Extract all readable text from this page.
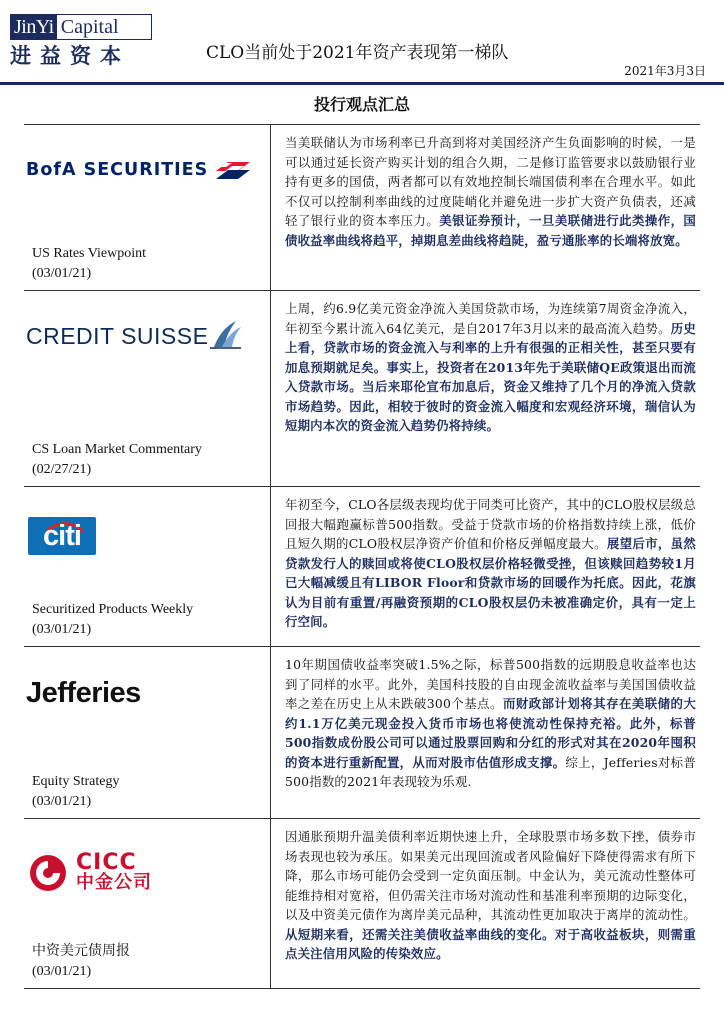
JinYi Capital
进益资本	CLO当前处于2021年资产表现第一梯队
2021年3月3日
投行观点汇总
BofA SECURITIES
US Rates Viewpoint
(03/01/21)
当美联储认为市场利率已升高到将对美国经济产生负面影响的时候，一是可以通过延长资产购买计划的组合久期，二是修订监管要求以鼓励银行业持有更多的国债，两者都可以有效地控制长端国债利率在合理水平。如此不仅可以控制利率曲线的过度陡峭化并避免进一步扩大资产负债表，还减轻了银行业的资本率压力。美银证券预计，一旦美联储进行此类操作，国债收益率曲线将趋平，掉期息差曲线将趋陡，盈亏通胀率的长端将放宽。
CREDIT SUISSE
CS Loan Market Commentary
(02/27/21)
上周，约6.9亿美元资金净流入美国贷款市场，为连续第7周资金净流入，年初至今累计流入64亿美元，是自2017年3月以来的最高流入趋势。历史上看，贷款市场的资金流入与利率的上升有很强的正相关性，甚至只要有加息预期就足矣。事实上，投资者在2013年先于美联储QE政策退出而流入贷款市场。当后来耶伦宣布加息后，资金又维持了几个月的净流入贷款市场趋势。因此，相较于彼时的资金流入幅度和宏观经济环境，瑞信认为短期内本次的资金流入趋势仍将持续。
citi
Securitized Products Weekly
(03/01/21)
年初至今，CLO各层级表现均优于同类可比资产，其中的CLO股权层级总回报大幅跑赢标普500指数。受益于贷款市场的价格指数持续上涨，低价且短久期的CLO股权层净资产价值和价格反弹幅度最大。展望后市，虽然贷款发行人的赎回或将使CLO股权层价格轻微受挫，但该赎回趋势较1月已大幅减缓且有LIBOR Floor和贷款市场的回暖作为托底。因此，花旗认为目前有重置/再融资预期的CLO股权层仍未被准确定价，具有一定上行空间。
Jefferies
Equity Strategy
(03/01/21)
10年期国债收益率突破1.5%之际，标普500指数的远期股息收益率也达到了同样的水平。此外，美国科技股的自由现金流收益率与美国国债收益率之差在历史上从未跌破300个基点。而财政部计划将其存在美联储的大约1.1万亿美元现金投入货币市场也将使流动性保持充裕。此外，标普500指数成份股公司可以通过股票回购和分红的形式对其在2020年囤积的资本进行重新配置，从而对股市估值形成支撑。综上，Jefferies对标普500指数的2021年表现较为乐观.
CICC
中金公司
中资美元债周报
(03/01/21)
因通胀预期升温美债利率近期快速上升，全球股票市场多数下挫，债券市场表现也较为承压。如果美元出现回流或者风险偏好下降使得需求有所下降，那么市场可能仍会受到一定负面压制。中金认为，美元流动性整体可能维持相对宽裕，但仍需关注市场对流动性和基准利率预期的边际变化，以及中资美元债作为离岸美元品种，其流动性更加取决于离岸的流动性。从短期来看，还需关注美债收益率曲线的变化。对于高收益板块，则需重点关注信用风险的传染效应。
